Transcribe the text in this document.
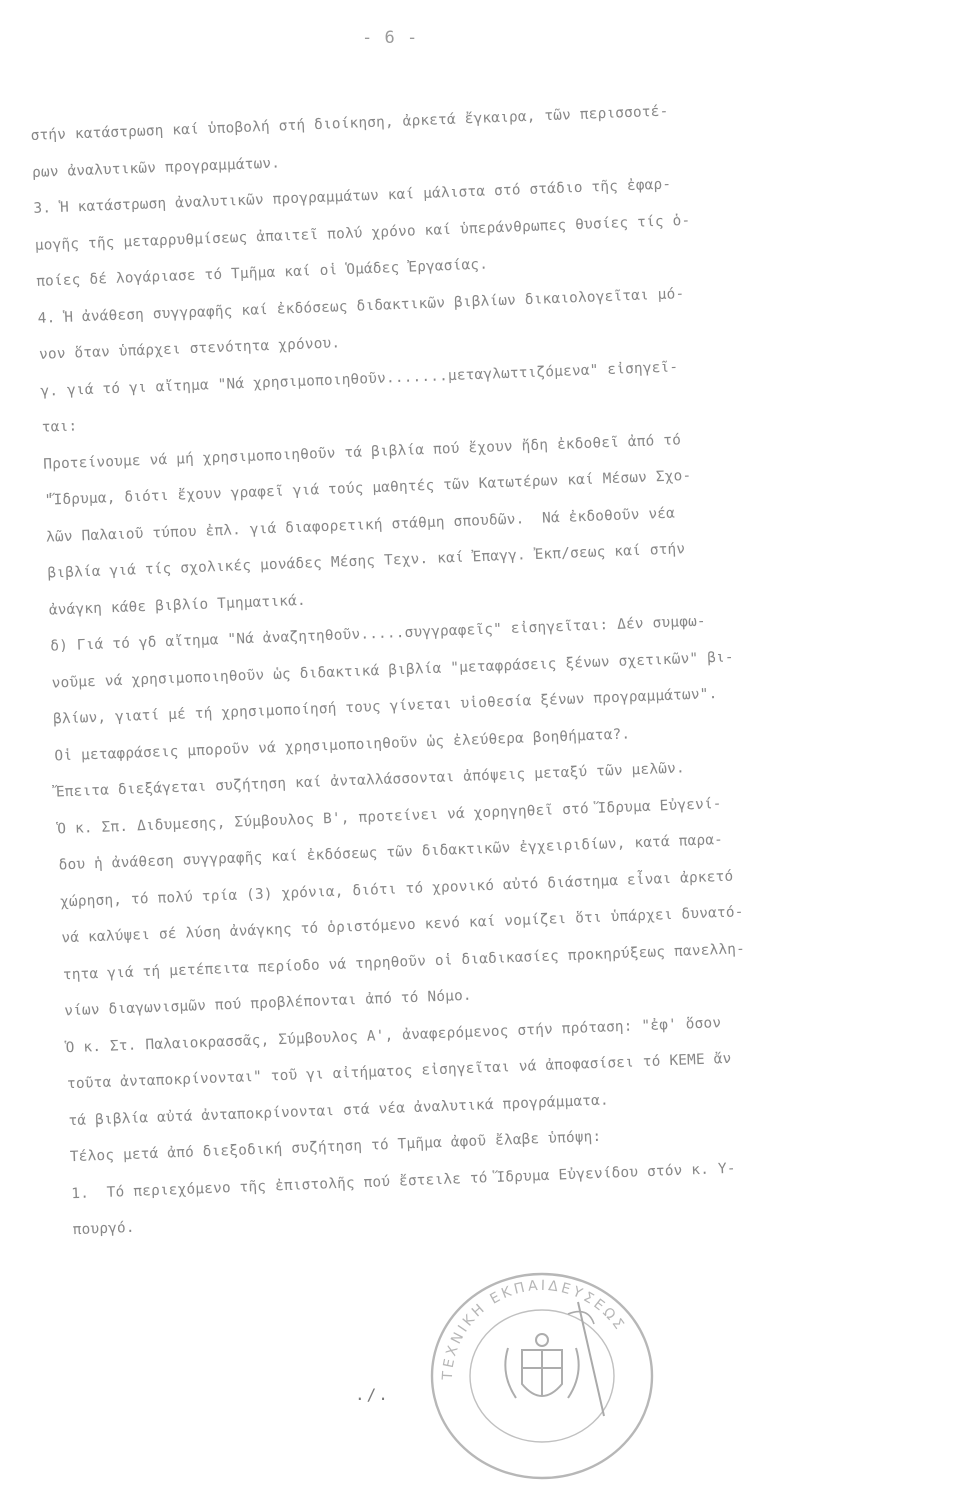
- 6 -
στήν κατάστρωση καί ὑποβολή στή διοίκηση, ἀρκετά ἔγκαιρα, τῶν περισσοτέ-
ρων ἀναλυτικῶν προγραμμάτων.
3. Ἡ κατάστρωση ἀναλυτικῶν προγραμμάτων καί μάλιστα στό στάδιο τῆς ἐφαρ-
μογῆς τῆς μεταρρυθμίσεως ἀπαιτεῖ πολύ χρόνο καί ὑπεράνθρωπες θυσίες τίς ὁ-
ποίες δέ λογάριασε τό Τμῆμα καί οἱ Ὁμάδες Ἐργασίας.
4. Ἡ ἀνάθεση συγγραφῆς καί ἐκδόσεως διδακτικῶν βιβλίων δικαιολογεῖται μό-
νον ὅταν ὑπάρχει στενότητα χρόνου.
γ. γιά τό γι αἴτημα "Νά χρησιμοποιηθοῦν.......μεταγλωττιζόμενα" εἰσηγεῖ-
ται:
Προτείνουμε νά μή χρησιμοποιηθοῦν τά βιβλία πού ἔχουν ἤδη ἐκδοθεῖ ἀπό τό
"Ἵδρυμα, διότι ἔχουν γραφεῖ γιά τούς μαθητές τῶν Κατωτέρων καί Μέσων Σχο-
λῶν Παλαιοῦ τύπου ἐπλ. γιά διαφορετική στάθμη σπουδῶν.  Νά ἐκδοθοῦν νέα
βιβλία γιά τίς σχολικές μονάδες Μέσης Τεχν. καί Ἐπαγγ. Ἐκπ/σεως καί στήν
ἀνάγκη κάθε βιβλίο Τμηματικά.
δ) Γιά τό γδ αἴτημα "Νά ἀναζητηθοῦν.....συγγραφεῖς" εἰσηγεῖται: Δέν συμφω-
νοῦμε νά χρησιμοποιηθοῦν ὡς διδακτικά βιβλία "μεταφράσεις ξένων σχετικῶν" βι-
βλίων, γιατί μέ τή χρησιμοποίησή τους γίνεται υἱοθεσία ξένων προγραμμάτων".
Οἱ μεταφράσεις μποροῦν νά χρησιμοποιηθοῦν ὡς ἐλεύθερα βοηθήματα?.
Ἔπειτα διεξάγεται συζήτηση καί ἀνταλλάσσονται ἀπόψεις μεταξύ τῶν μελῶν.
Ὁ κ. Σπ. Διδυμεσης, Σύμβουλος Β', προτείνει νά χορηγηθεῖ στό Ἵδρυμα Εὐγενί-
δου ἡ ἀνάθεση συγγραφῆς καί ἐκδόσεως τῶν διδακτικῶν ἐγχειριδίων, κατά παρα-
χώρηση, τό πολύ τρία (3) χρόνια, διότι τό χρονικό αὐτό διάστημα εἶναι ἀρκετό
νά καλύψει σέ λύση ἀνάγκης τό ὁριστόμενο κενό καί νομίζει ὅτι ὑπάρχει δυνατό-
τητα γιά τή μετέπειτα περίοδο νά τηρηθοῦν οἱ διαδικασίες προκηρύξεως πανελλη-
νίων διαγωνισμῶν πού προβλέπονται ἀπό τό Νόμο.
Ὁ κ. Στ. Παλαιοκρασσᾶς, Σύμβουλος Α', ἀναφερόμενος στήν πρόταση: "ἐφ' ὅσον
τοῦτα ἀνταποκρίνονται" τοῦ γι αἰτήματος εἰσηγεῖται νά ἀποφασίσει τό ΚΕΜΕ ἄν
τά βιβλία αὐτά ἀνταποκρίνονται στά νέα ἀναλυτικά προγράμματα.
Τέλος μετά ἀπό διεξοδική συζήτηση τό Τμῆμα ἀφοῦ ἔλαβε ὑπόψη:
1.  Τό περιεχόμενο τῆς ἐπιστολῆς πού ἔστειλε τό Ἵδρυμα Εὐγενίδου στόν κ. Υ-
πουργό.
./.
ΤΕΧΝΙΚΗ ΕΚΠΑΙΔΕΥΣΕΩΣ
